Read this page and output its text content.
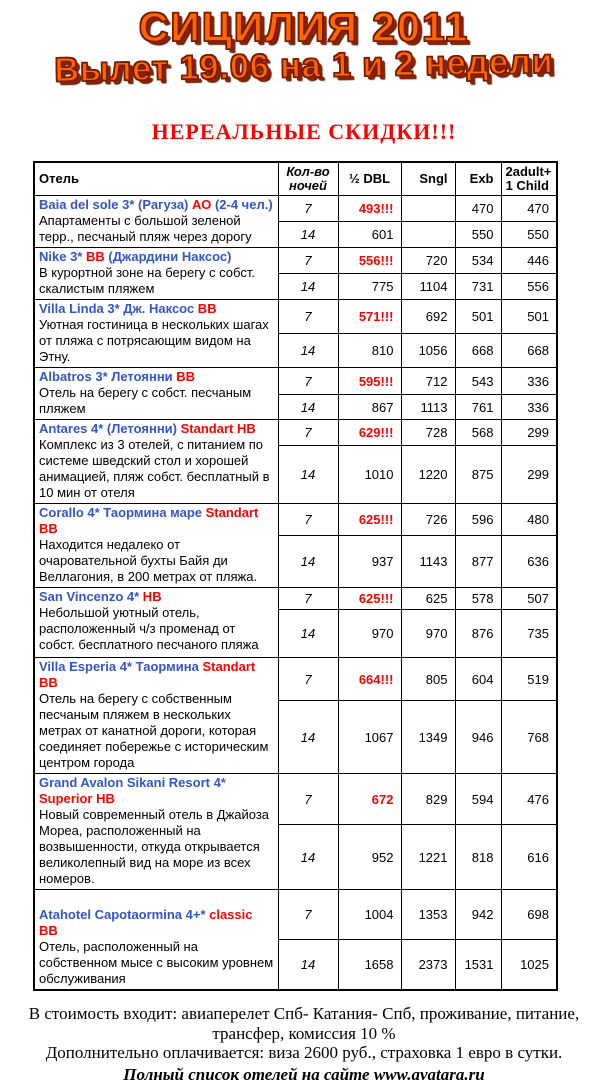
СИЦИЛИЯ 2011
Вылет 19.06 на 1 и 2 недели
НЕРЕАЛЬНЫЕ СКИДКИ!!!
Отель	Кол-во ночей	½ DBL	Sngl	Exb	2adult+ 1 Child

Baia del sole 3* (Рагуза) АО (2-4 чел.)
Апартаменты с большой зеленой терр., песчаный пляж через дорогу	7	493!!!		470	470
	14	601		550	550

Nike 3* ВВ (Джардини Наксос)
В курортной зоне на берегу с собст. скалистым пляжем	7	556!!!	720	534	446
	14	775	1104	731	556

Villa Linda 3* Дж. Наксос ВВ
Уютная гостиница в нескольких шагах от пляжа с потрясающим видом на Этну.	7	571!!!	692	501	501
	14	810	1056	668	668

Albatros 3* Летоянни ВВ
Отель на берегу с собст. песчаным пляжем	7	595!!!	712	543	336
	14	867	1113	761	336

Antares 4* (Летоянни) Standart HB
Комплекс из 3 отелей, с питанием по системе шведский стол и хорошей анимацией, пляж собст. бесплатный в 10 мин от отеля	7	629!!!	728	568	299
	14	1010	1220	875	299

Corallo 4* Таормина маре Standart BB
Находится недалеко от очаровательной бухты Байя ди Веллагония, в 200 метрах от пляжа.	7	625!!!	726	596	480
	14	937	1143	877	636

San Vincenzo 4* HB
Небольшой уютный отель, расположенный ч/з променад от собст. бесплатного песчаного пляжа	7	625!!!	625	578	507
	14	970	970	876	735

Villa Esperia 4* Таормина Standart BB
Отель на берегу с собственным песчаным пляжем в нескольких метрах от канатной дороги, которая соединяет побережье с историческим центром города	7	664!!!	805	604	519
	14	1067	1349	946	768

Grand Avalon Sikani Resort 4*
Superior HB
Новый современный отель в Джайоза Мореа, расположенный на возвышенности, откуда открывается великолепный вид на море из всех номеров.	7	672	829	594	476
	14	952	1221	818	616

Atahotel Capotaormina 4+* classic BB
Отель, расположенный на собственном мысе с высоким уровнем обслуживания	7	1004	1353	942	698
	14	1658	2373	1531	1025
В стоимость входит: авиаперелет Спб- Катания- Спб, проживание, питание,
трансфер, комиссия 10 %
Дополнительно оплачивается: виза 2600 руб., страховка 1 евро в сутки.
Полный список отелей на сайте www.avatara.ru
